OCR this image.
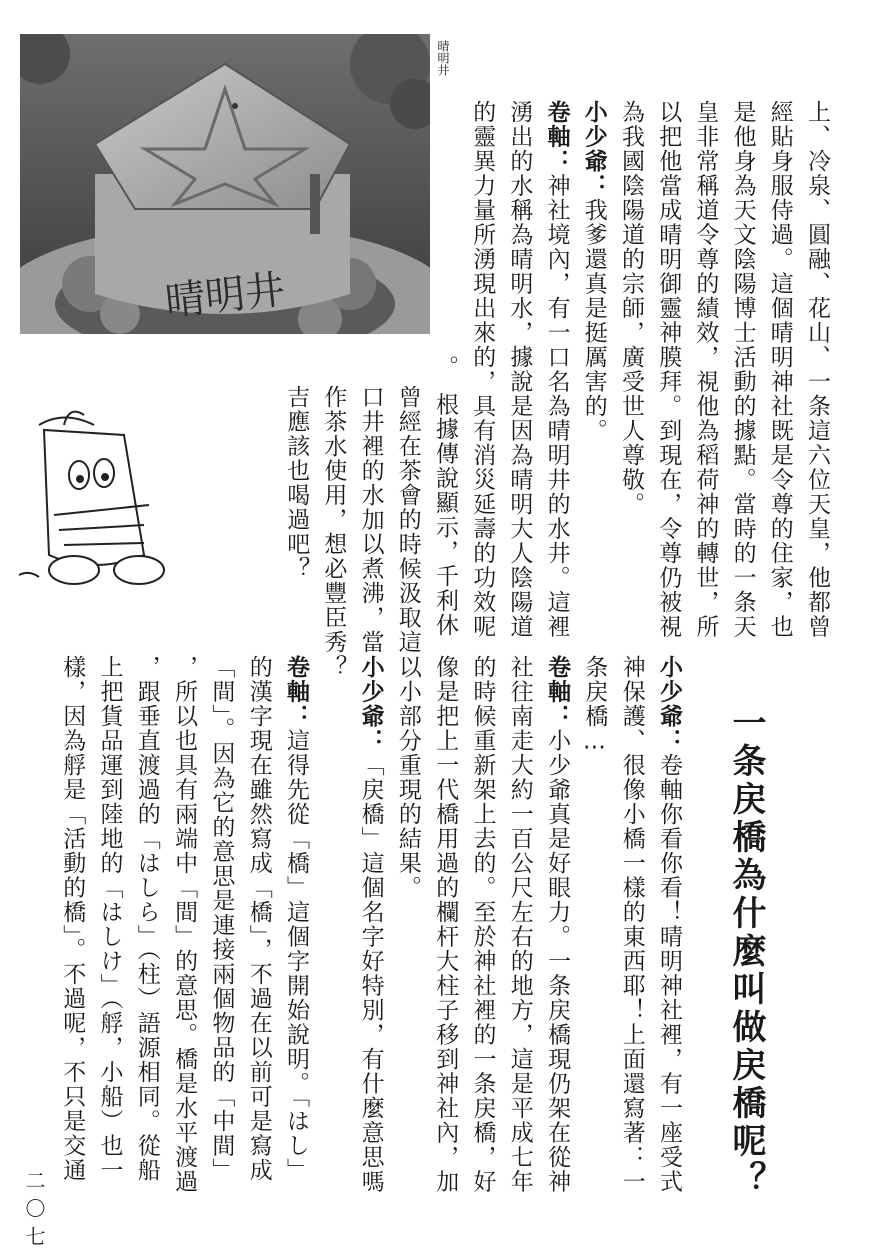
晴明井
晴明井
上、冷泉、圓融、花山、一条這六位天皇，他都曾
經貼身服侍過。這個晴明神社既是令尊的住家，也
是他身為天文陰陽博士活動的據點。當時的一条天
皇非常稱道令尊的績效，視他為稻荷神的轉世，所
以把他當成晴明御靈神膜拜。到現在，令尊仍被視
為我國陰陽道的宗師，廣受世人尊敬。
小少爺：我爹還真是挺厲害的。
卷軸：神社境內，有一口名為晴明井的水井。這裡
湧出的水稱為晴明水，據說是因為晴明大人陰陽道
的靈異力量所湧現出來的，具有消災延壽的功效呢
。　根據傳說顯示，千利休
曾經在茶會的時候汲取這
口井裡的水加以煮沸，當
作茶水使用，想必豐臣秀
吉應該也喝過吧？
一条戻橋為什麼叫做戻橋呢？
小少爺：卷軸你看你看！晴明神社裡，有一座受式
神保護、很像小橋一樣的東西耶！上面還寫著：一
条戻橋…
卷軸：小少爺真是好眼力。一条戻橋現仍架在從神
社往南走大約一百公尺左右的地方，這是平成七年
的時候重新架上去的。至於神社裡的一条戻橋，好
像是把上一代橋用過的欄杆大柱子移到神社內，加
以小部分重現的結果。
小少爺：「戻橋」這個名字好特別，有什麼意思嗎
？
卷軸：這得先從「橋」這個字開始說明。「はし」
的漢字現在雖然寫成「橋」，不過在以前可是寫成
「間」。因為它的意思是連接兩個物品的「中間」
，所以也具有兩端中「間」的意思。橋是水平渡過
，跟垂直渡過的「はしら」（柱）語源相同。從船
上把貨品運到陸地的「はしけ」（艀，小船）也一
樣，因為艀是「活動的橋」。不過呢，不只是交通
二〇七
